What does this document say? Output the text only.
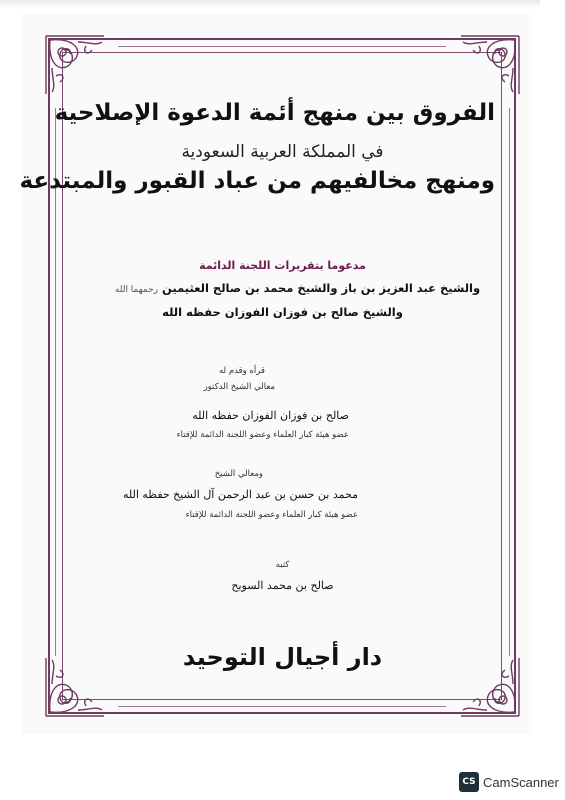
الفروق بين منهج أئمة الدعوة الإصلاحية
في المملكة العربية السعودية
ومنهج مخالفيهم من عباد القبور والمبتدعة
مدعوما بتقريرات اللجنة الدائمة
والشيخ عبد العزيز بن باز والشيخ محمد بن صالح العثيمين رحمهما الله
والشيخ صالح بن فوزان الفوزان حفظه الله
قرأه وقدم له
معالي الشيخ الدكتور
صالح بن فوزان الفوزان حفظه الله
عضو هيئة كبار العلماء وعضو اللجنة الدائمة للإفتاء
ومعالي الشيخ
محمد بن حسن بن عبد الرحمن آل الشيخ حفظه الله
عضو هيئة كبار العلماء وعضو اللجنة الدائمة للإفتاء
كتبه
صالح بن محمد السويح
دار أجيال التوحيد
CS CamScanner
